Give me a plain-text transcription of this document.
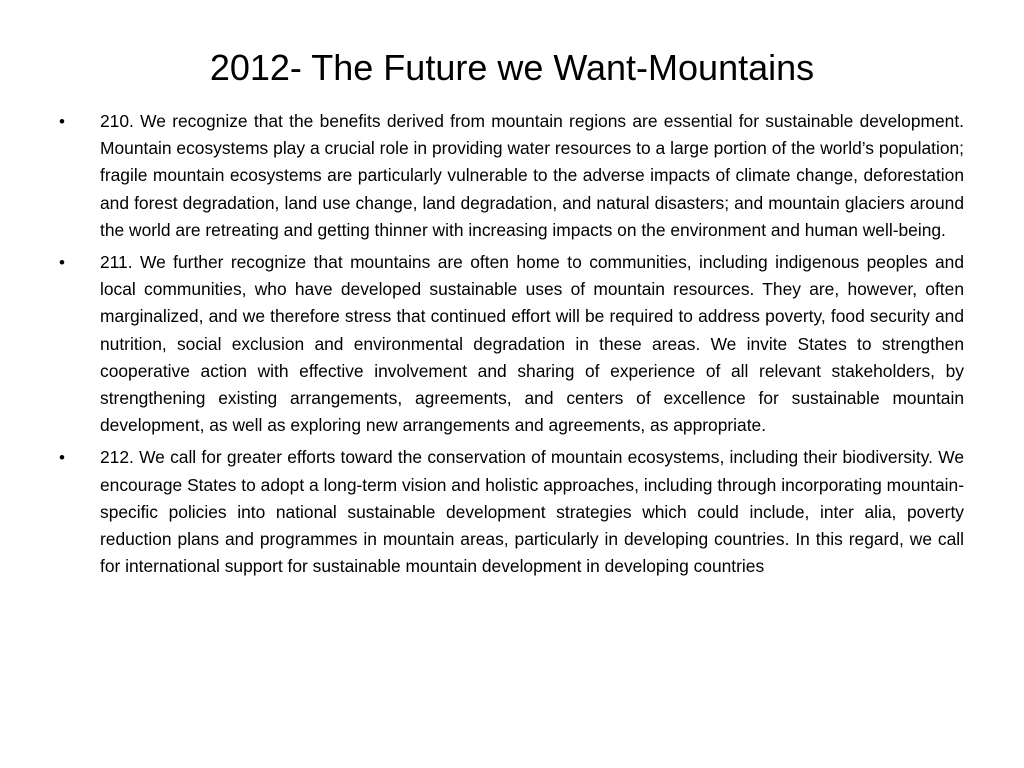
2012- The Future we Want-Mountains
•	210. We recognize that the benefits derived from mountain regions are essential for sustainable development. Mountain ecosystems play a crucial role in providing water resources to a large portion of the world’s population; fragile mountain ecosystems are particularly vulnerable to the adverse impacts of climate change, deforestation and forest degradation, land use change, land degradation, and natural disasters; and mountain glaciers around the world are retreating and getting thinner with increasing impacts on the environment and human well-being.
•	211. We further recognize that mountains are often home to communities, including indigenous peoples and local communities, who have developed sustainable uses of mountain resources. They are, however, often marginalized, and we therefore stress that continued effort will be required to address poverty, food security and nutrition, social exclusion and environmental degradation in these areas. We invite States to strengthen cooperative action with effective involvement and sharing of experience of all relevant stakeholders, by strengthening existing arrangements, agreements, and centers of excellence for sustainable mountain development, as well as exploring new arrangements and agreements, as appropriate.
•	212. We call for greater efforts toward the conservation of mountain ecosystems, including their biodiversity. We encourage States to adopt a long-term vision and holistic approaches, including through incorporating mountain-specific policies into national sustainable development strategies which could include, inter alia, poverty reduction plans and programmes in mountain areas, particularly in developing countries. In this regard, we call for international support for sustainable mountain development in developing countries
